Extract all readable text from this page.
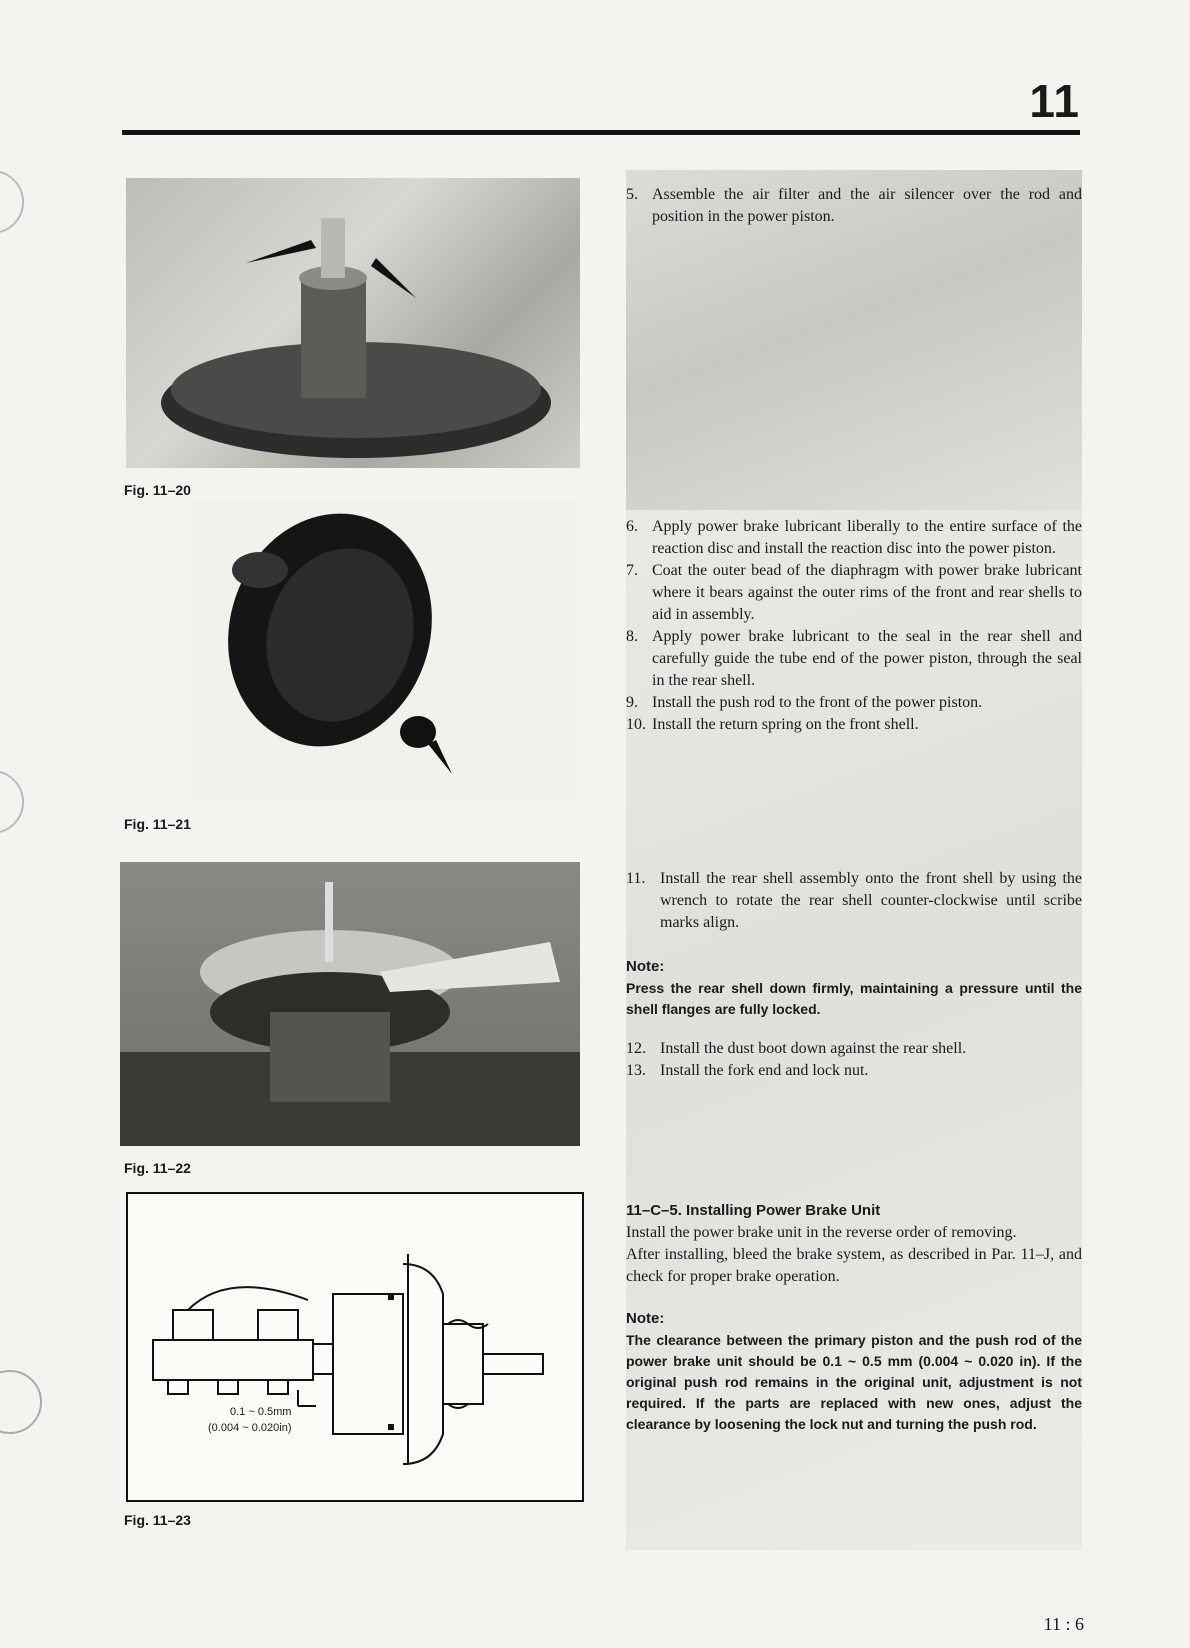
11
Fig. 11–20
Fig. 11–21
Fig. 11–22
0.1 ~ 0.5mm
(0.004 ~ 0.020in)
Fig. 11–23
5. Assemble the air filter and the air silencer over the rod and position in the power piston.
6. Apply power brake lubricant liberally to the entire surface of the reaction disc and install the reaction disc into the power piston.
7. Coat the outer bead of the diaphragm with power brake lubricant where it bears against the outer rims of the front and rear shells to aid in assembly.
8. Apply power brake lubricant to the seal in the rear shell and carefully guide the tube end of the power piston, through the seal in the rear shell.
9. Install the push rod to the front of the power piston.
10. Install the return spring on the front shell.
11. Install the rear shell assembly onto the front shell by using the wrench to rotate the rear shell counter-clockwise until scribe marks align.
Note:
Press the rear shell down firmly, maintaining a pressure until the shell flanges are fully locked.
12. Install the dust boot down against the rear shell.
13. Install the fork end and lock nut.
11–C–5. Installing Power Brake Unit
Install the power brake unit in the reverse order of removing.
After installing, bleed the brake system, as described in Par. 11–J, and check for proper brake operation.
Note:
The clearance between the primary piston and the push rod of the power brake unit should be 0.1 ~ 0.5 mm (0.004 ~ 0.020 in). If the original push rod remains in the original unit, adjustment is not required. If the parts are replaced with new ones, adjust the clearance by loosening the lock nut and turning the push rod.
11 : 6
